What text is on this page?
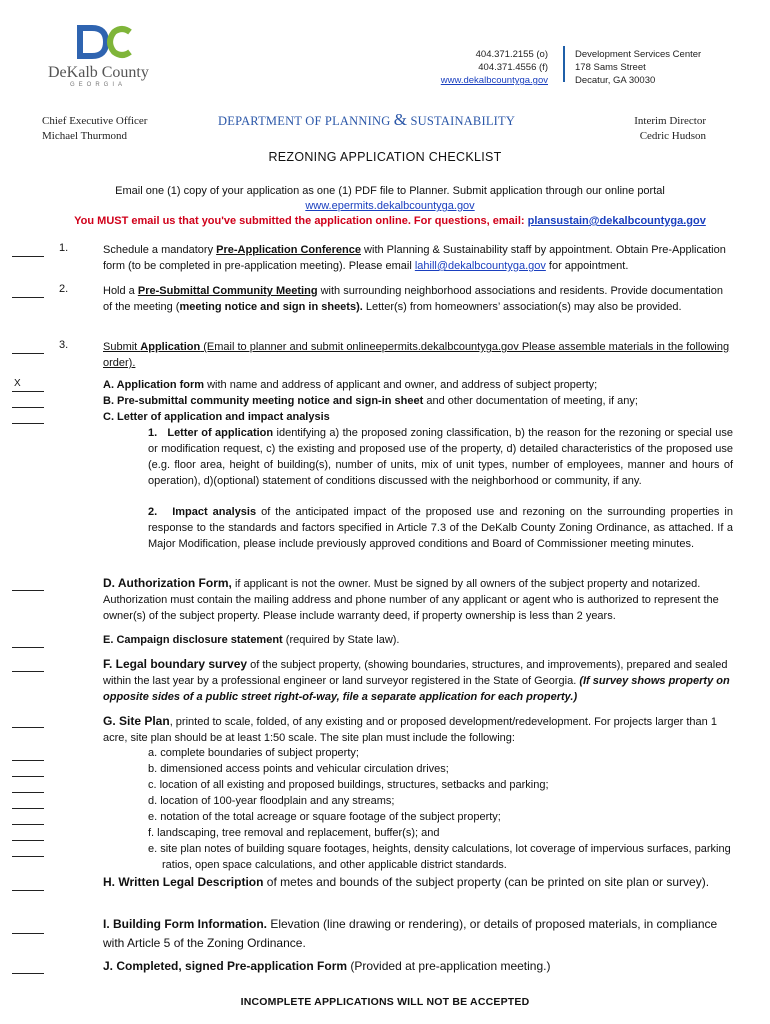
DeKalb County
GEORGIA
404.371.2155 (o)
404.371.4556 (f)
www.dekalbcountyga.gov
Development Services Center
178 Sams Street
Decatur, GA 30030
Chief Executive Officer
Michael Thurmond
DEPARTMENT OF PLANNING & SUSTAINABILITY	Interim Director
Cedric Hudson
REZONING APPLICATION CHECKLIST
Email one (1) copy of your application as one (1) PDF file to Planner. Submit application through our online portal
www.epermits.dekalbcountyga.gov
You MUST email us that you've submitted the application online. For questions, email: plansustain@dekalbcountyga.gov
1.	Schedule a mandatory Pre-Application Conference with Planning & Sustainability staff by appointment. Obtain Pre-Application form (to be completed in pre-application meeting). Please email lahill@dekalbcountyga.gov for appointment.
2.	Hold a Pre-Submittal Community Meeting with surrounding neighborhood associations and residents. Provide documentation of the meeting (meeting notice and sign in sheets). Letter(s) from homeowners’ association(s) may also be provided.
3.	Submit Application (Email to planner and submit onlineepermits.dekalbcountyga.gov Please assemble materials in the following order).
X	A. Application form with name and address of applicant and owner, and address of subject property;
B. Pre-submittal community meeting notice and sign-in sheet and other documentation of meeting, if any;
C. Letter of application and impact analysis
1. Letter of application identifying a) the proposed zoning classification, b) the reason for the rezoning or special use or modification request, c) the existing and proposed use of the property, d) detailed characteristics of the proposed use (e.g. floor area, height of building(s), number of units, mix of unit types, number of employees, manner and hours of operation), d)(optional) statement of conditions discussed with the neighborhood or community, if any.
2. Impact analysis of the anticipated impact of the proposed use and rezoning on the surrounding properties in response to the standards and factors specified in Article 7.3 of the DeKalb County Zoning Ordinance, as attached. If a Major Modification, please include previously approved conditions and Board of Commissioner meeting minutes.
D. Authorization Form, if applicant is not the owner. Must be signed by all owners of the subject property and notarized. Authorization must contain the mailing address and phone number of any applicant or agent who is authorized to represent the owner(s) of the subject property. Please include warranty deed, if property ownership is less than 2 years.
E. Campaign disclosure statement (required by State law).
F. Legal boundary survey of the subject property, (showing boundaries, structures, and improvements), prepared and sealed within the last year by a professional engineer or land surveyor registered in the State of Georgia. (If survey shows property on opposite sides of a public street right-of-way, file a separate application for each property.)
G. Site Plan, printed to scale, folded, of any existing and or proposed development/redevelopment. For projects larger than 1 acre, site plan should be at least 1:50 scale. The site plan must include the following:
a. complete boundaries of subject property;
b. dimensioned access points and vehicular circulation drives;
c. location of all existing and proposed buildings, structures, setbacks and parking;
d. location of 100-year floodplain and any streams;
e. notation of the total acreage or square footage of the subject property;
f. landscaping, tree removal and replacement, buffer(s); and
e. site plan notes of building square footages, heights, density calculations, lot coverage of impervious surfaces, parking ratios, open space calculations, and other applicable district standards.
H. Written Legal Description of metes and bounds of the subject property (can be printed on site plan or survey).
I. Building Form Information. Elevation (line drawing or rendering), or details of proposed materials, in compliance with Article 5 of the Zoning Ordinance.
J. Completed, signed Pre-application Form (Provided at pre-application meeting.)
INCOMPLETE APPLICATIONS WILL NOT BE ACCEPTED
